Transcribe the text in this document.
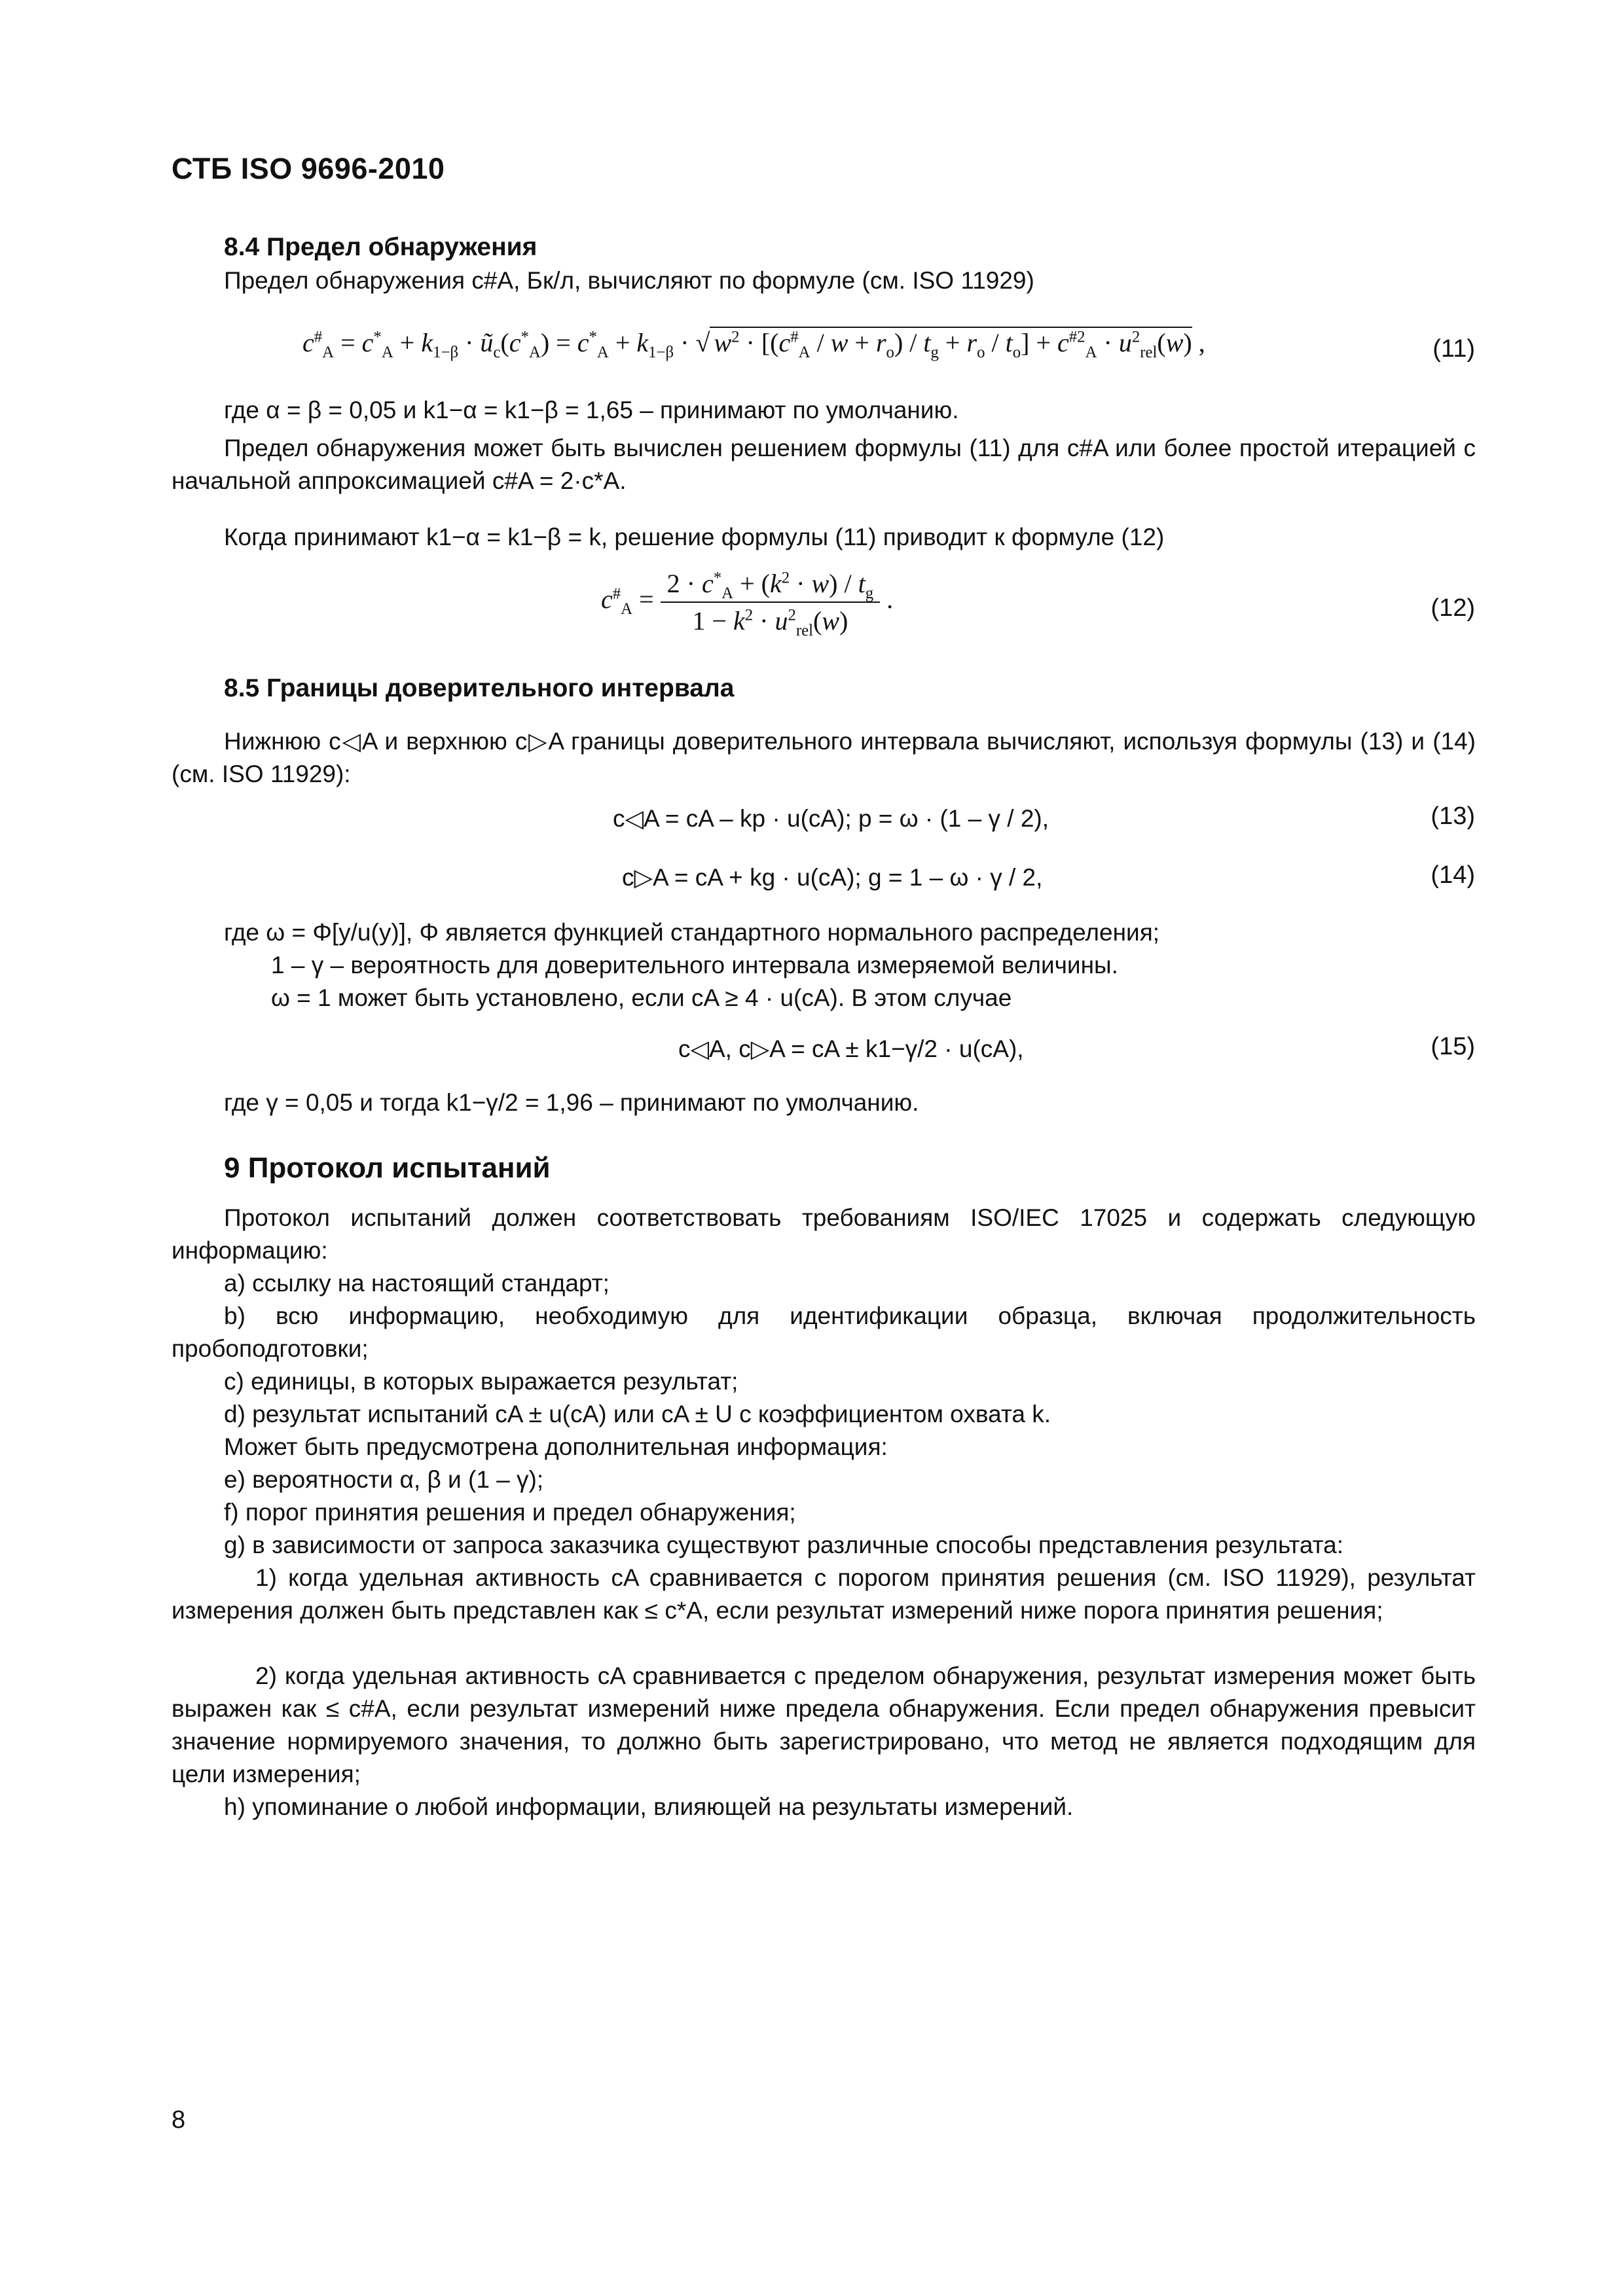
СТБ ISO 9696-2010
8.4 Предел обнаружения
Предел обнаружения c#A, Бк/л, вычисляют по формуле (см. ISO 11929)
$c^{\#}_A = c^*_A + k_{1-\beta}$ · $ũ_c(c^*_A) = c^*_A + k_{1-\beta}$ · √ $w^2 \cdot [(c^{\#}_A / w + r_o) / t_g + r_o / t_o] + c^{\#2}_A \cdot u^2_{rel}(w)$ ,	(11)
где α = β = 0,05 и k1−α = k1−β = 1,65 – принимают по умолчанию.
Предел обнаружения может быть вычислен решением формулы (11) для c#A или более простой итерацией с начальной аппроксимацией c#A = 2·c*A.
Когда принимают k1−α = k1−β = k, решение формулы (11) приводит к формуле (12)
$c^{\#}_A = \frac{2 \cdot c^*_A + (k^2 \cdot w) / t_g}{1 - k^2 \cdot u^2_{rel}(w)}$ .	(12)
8.5 Границы доверительного интервала
Нижнюю c◁A и верхнюю c▷A границы доверительного интервала вычисляют, используя формулы (13) и (14) (см. ISO 11929):
c◁A = cA – kp · u(cA); p = ω · (1 – γ / 2),	(13)
c▷A = cA + kg · u(cA); g = 1 – ω · γ / 2,	(14)
где ω = Φ[y/u(y)], Φ является функцией стандартного нормального распределения;
1 – γ – вероятность для доверительного интервала измеряемой величины.
ω = 1 может быть установлено, если cA ≥ 4 · u(cA). В этом случае
c◁A, c▷A = cA ± k1−γ/2 · u(cA),	(15)
где γ = 0,05 и тогда k1−γ/2 = 1,96 – принимают по умолчанию.
9 Протокол испытаний
Протокол испытаний должен соответствовать требованиям ISO/IEC 17025 и содержать следующую информацию:
а) ссылку на настоящий стандарт;
b) всю информацию, необходимую для идентификации образца, включая продолжительность пробоподготовки;
с) единицы, в которых выражается результат;
d) результат испытаний cA ± u(cA) или cA ± U с коэффициентом охвата k.
Может быть предусмотрена дополнительная информация:
е) вероятности α, β и (1 – γ);
f) порог принятия решения и предел обнаружения;
g) в зависимости от запроса заказчика существуют различные способы представления результата:
1) когда удельная активность cA сравнивается с порогом принятия решения (см. ISO 11929), результат измерения должен быть представлен как ≤ c*A, если результат измерений ниже порога принятия решения;
2) когда удельная активность cA сравнивается с пределом обнаружения, результат измерения может быть выражен как ≤ c#A, если результат измерений ниже предела обнаружения. Если предел обнаружения превысит значение нормируемого значения, то должно быть зарегистрировано, что метод не является подходящим для цели измерения;
h) упоминание о любой информации, влияющей на результаты измерений.
8
